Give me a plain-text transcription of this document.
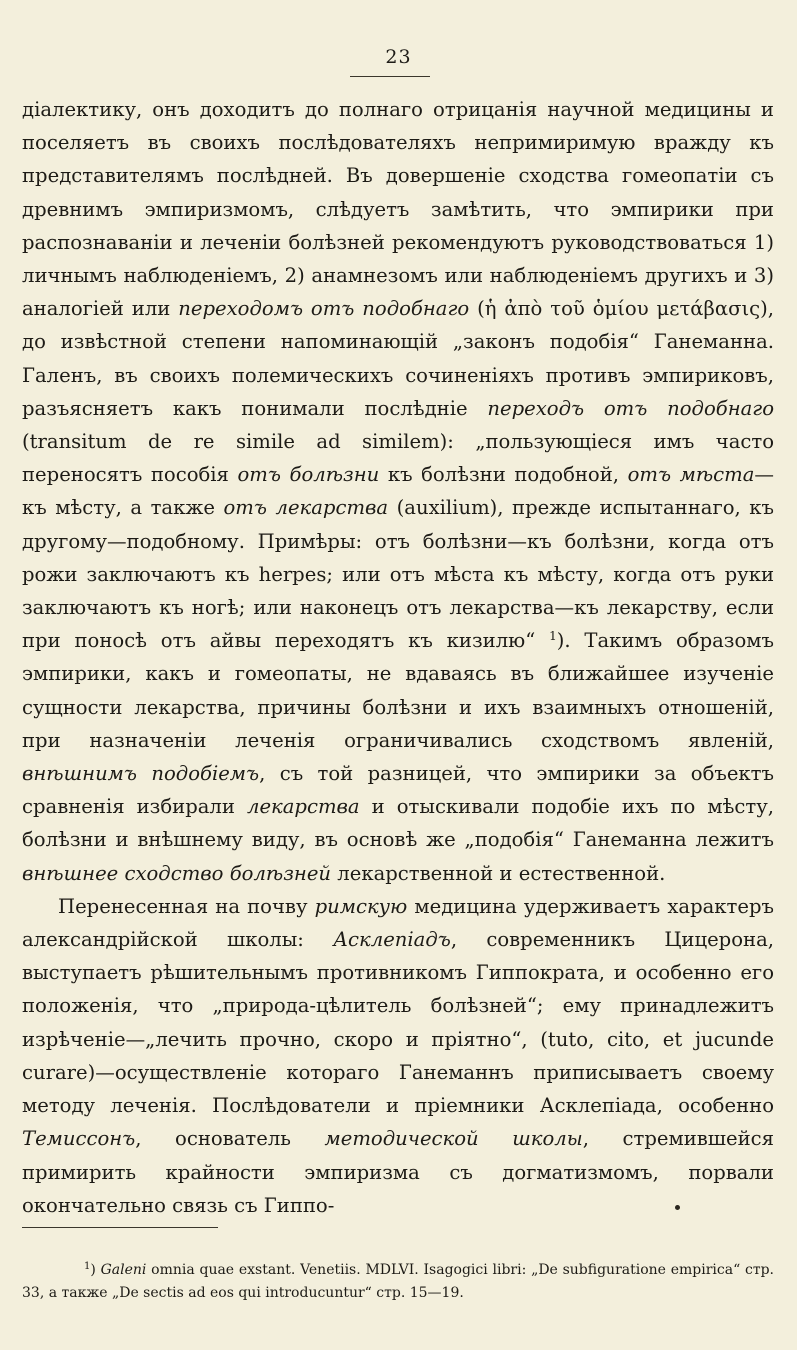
23

діалектику, онъ доходитъ до полнаго отрицанія научной медицины и поселяетъ въ своихъ послѣдователяхъ непримиримую вражду къ представителямъ послѣдней. Въ довершеніе сходства гомеопатіи съ древнимъ эмпиризмомъ, слѣдуетъ замѣтить, что эмпирики при распознаваніи и леченіи болѣзней рекомендуютъ руководствоваться 1) личнымъ наблюденіемъ, 2) анамнезомъ или наблюденіемъ другихъ и 3) аналогіей или переходомъ отъ подобнаго (ἡ ἀπὸ τοῦ ὁμίου μετάβασις), до извѣстной степени напоминающій „законъ подобія“ Ганеманна. Галенъ, въ своихъ полемическихъ сочиненіяхъ противъ эмпириковъ, разъясняетъ какъ понимали послѣдніе переходъ отъ подобнаго (transitum de re simile ad similem): „пользующіеся имъ часто переносятъ пособія отъ болѣзни къ болѣзни подобной, отъ мѣста—къ мѣсту, а также отъ лекарства (auxilium), прежде испытаннаго, къ другому—подобному. Примѣры: отъ болѣзни—къ болѣзни, когда отъ рожи заключаютъ къ herpes; или отъ мѣста къ мѣсту, когда отъ руки заключаютъ къ ногѣ; или наконецъ отъ лекарства—къ лекарству, если при поносѣ отъ айвы переходятъ къ кизилю“ $^1$). Такимъ образомъ эмпирики, какъ и гомеопаты, не вдаваясь въ ближайшее изученіе сущности лекарства, причины болѣзни и ихъ взаимныхъ отношеній, при назначеніи леченія ограничивались сходствомъ явленій, внѣшнимъ подобіемъ, съ той разницей, что эмпирики за объектъ сравненія избирали лекарства и отыскивали подобіе ихъ по мѣсту, болѣзни и внѣшнему виду, въ основѣ же „подобія“ Ганеманна лежитъ внѣшнее сходство болѣзней лекарственной и естественной.

Перенесенная на почву римскую медицина удерживаетъ характеръ александрійской школы: Асклепіадъ, современникъ Цицерона, выступаетъ рѣшительнымъ противникомъ Гиппократа, и особенно его положенія, что „природа-цѣлитель болѣзней“; ему принадлежитъ изрѣченіе—„лечить прочно, скоро и пріятно“, (tuto, cito, et jucunde curare)—осуществленіе котораго Ганеманнъ приписываетъ своему методу леченія. Послѣдователи и пріемники Асклепіада, особенно Темиссонъ, основатель методической школы, стремившейся примирить крайности эмпиризма съ догматизмомъ, порвали окончательно связь съ Гиппо-

$^1$) Galeni omnia quae exstant. Venetiis. MDLVI. Isagogici libri: „De subfiguratione empirica“ стр. 33, а также „De sectis ad eos qui introducuntur“ стр. 15—19.
